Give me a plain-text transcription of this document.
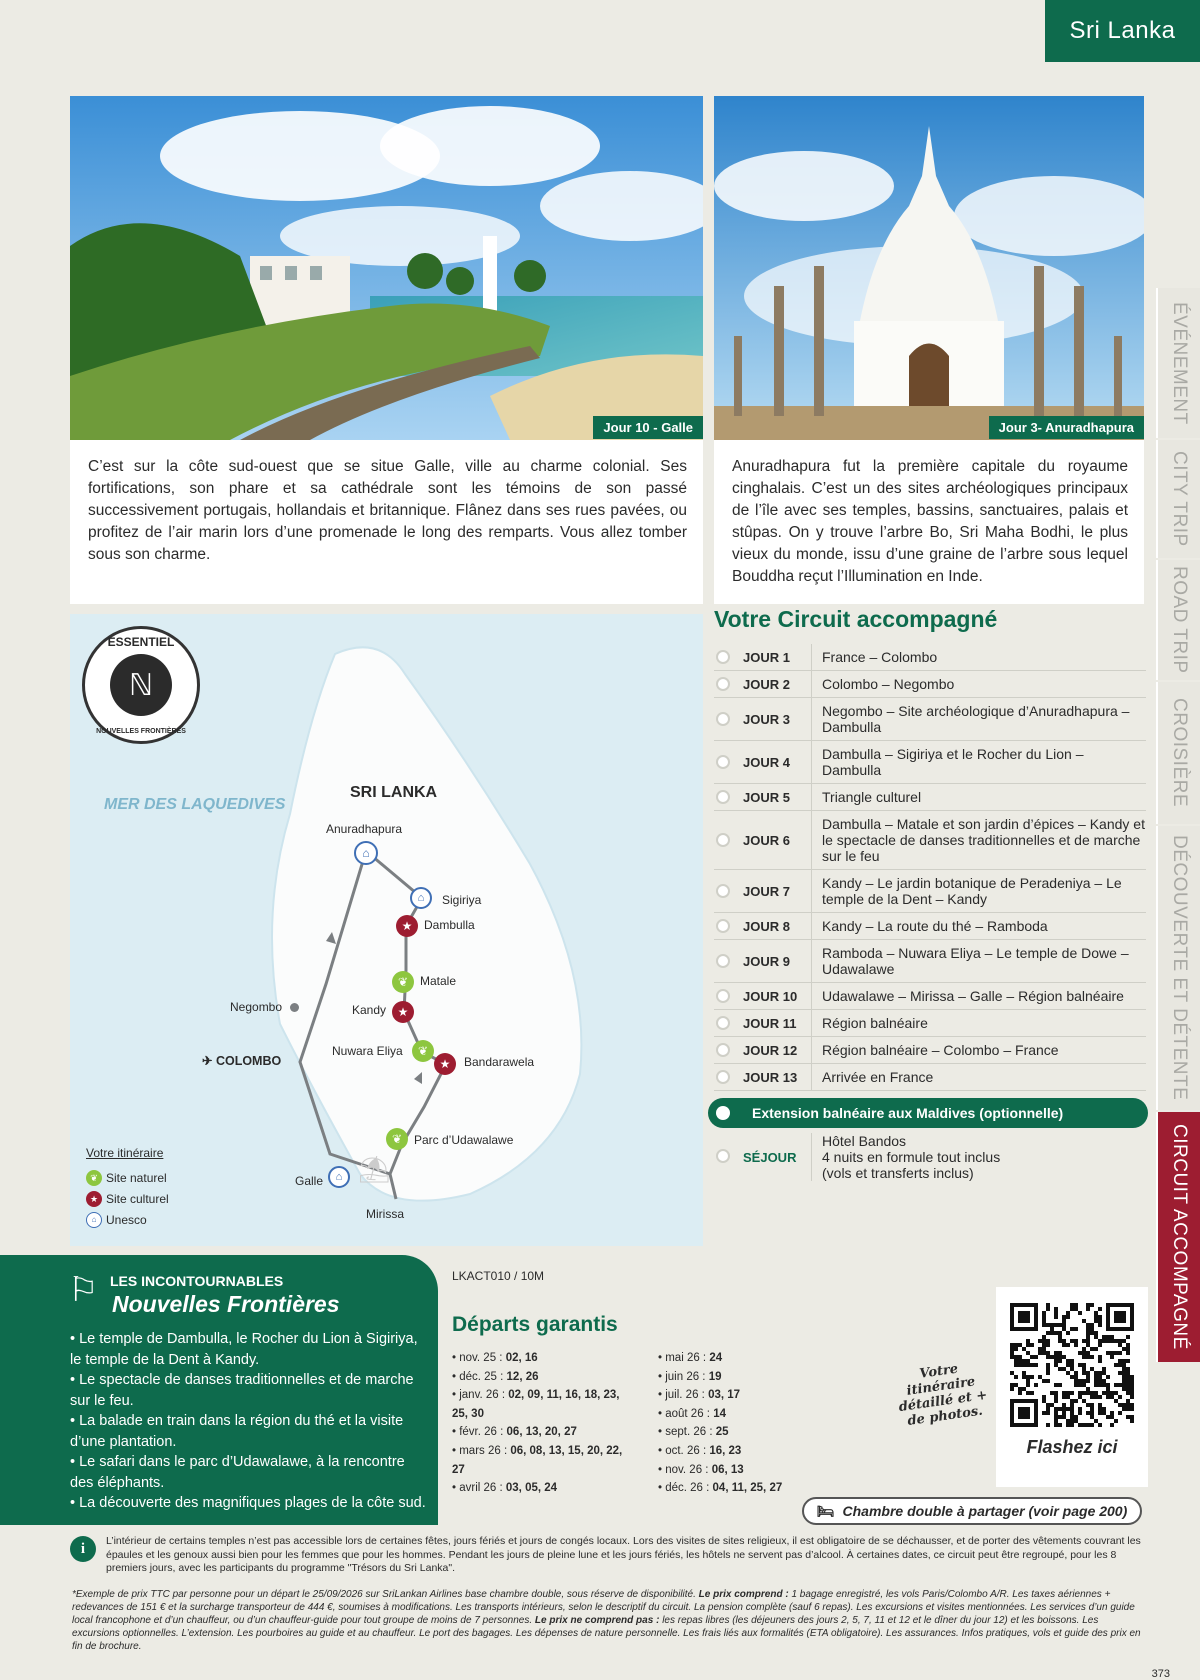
Sri Lanka
Jour 10 - Galle
C’est sur la côte sud-ouest que se situe Galle, ville au charme colonial. Ses fortifications, son phare et sa cathédrale sont les témoins de son passé successivement portugais, hollandais et britannique. Flânez dans ses rues pavées, ou profitez de l’air marin lors d’une promenade le long des remparts. Vous allez tomber sous son charme.
Jour 3- Anuradhapura
Anuradhapura fut la première capitale du royaume cinghalais. C’est un des sites archéologiques principaux de l’île avec ses temples, bassins, sanctuaires, palais et stûpas. On y trouve l’arbre Bo, Sri Maha Bodhi, le plus vieux du monde, issu d’une graine de l’arbre sous lequel Bouddha reçut l’Illumination en Inde.
ÉVÉNEMENT
CITY TRIP
ROAD TRIP
CROISIÈRE
DÉCOUVERTE ET DÉTENTE
CIRCUIT ACCOMPAGNÉ
ℕ
ESSENTIEL
NOUVELLES FRONTIÈRES
MER DES LAQUEDIVES
SRI LANKA
Anuradhapura
⌂
Sigiriya
⌂
Dambulla
★
Matale
❦
Negombo	Kandy ★
✈ COLOMBO
Nuwara Eliya	❦
★	Bandarawela
Parc d’Udawalawe
❦
Galle	⌂
Mirissa
⛱
Votre itinéraire
❦ Site naturel
★ Site culturel
⌂ Unesco
Votre Circuit accompagné
JOUR 1	France – Colombo
JOUR 2	Colombo – Negombo
JOUR 3	Negombo – Site archéologique d’Anuradhapura – Dambulla
JOUR 4	Dambulla – Sigiriya et le Rocher du Lion – Dambulla
JOUR 5	Triangle culturel
JOUR 6
Dambulla – Matale et son jardin d’épices – Kandy et le spectacle de danses traditionnelles et de marche sur le feu
JOUR 7	Kandy – Le jardin botanique de Peradeniya – Le temple de la Dent – Kandy
JOUR 8	Kandy – La route du thé – Ramboda
JOUR 9	Ramboda – Nuwara Eliya – Le temple de Dowe – Udawalawe
JOUR 10 Udawalawe – Mirissa – Galle – Région balnéaire
JOUR 11	Région balnéaire
JOUR 12 Région balnéaire – Colombo – France
JOUR 13 Arrivée en France
Extension balnéaire aux Maldives (optionnelle)
SÉJOUR
Hôtel Bandos
4 nuits en formule tout inclus
(vols et transferts inclus)
⚐ LES INCONTOURNABLES
Nouvelles Frontières
• Le temple de Dambulla, le Rocher du Lion à Sigiriya, le temple de la Dent à Kandy.
• Le spectacle de danses traditionnelles et de marche sur le feu.
• La balade en train dans la région du thé et la visite d’une plantation.
• Le safari dans le parc d’Udawalawe, à la rencontre des éléphants.
• La découverte des magnifiques plages de la côte sud.
LKACT010 / 10M
Départs garantis
• nov. 25 : 02, 16
• déc. 25 : 12, 26
• janv. 26 : 02, 09, 11, 16, 18, 23, 25, 30
• févr. 26 : 06, 13, 20, 27
• mars 26 : 06, 08, 13, 15, 20, 22, 27
• avril 26 : 03, 05, 24
• mai 26 : 24
• juin 26 : 19
• juil. 26 : 03, 17
• août 26 : 14
• sept. 26 : 25
• oct. 26 : 16, 23
• nov. 26 : 06, 13
• déc. 26 : 04, 11, 25, 27
Votre itinéraire détaillé et + de photos.
Flashez ici
🛏 Chambre double à partager (voir page 200)
i	L’intérieur de certains temples n’est pas accessible lors de certaines fêtes, jours fériés et jours de congés locaux. Lors des visites de sites religieux, il est obligatoire de se déchausser, et de porter des vêtements couvrant les épaules et les genoux aussi bien pour les femmes que pour les hommes. Pendant les jours de pleine lune et les jours fériés, les hôtels ne servent pas d’alcool. À certaines dates, ce circuit peut être regroupé, pour les 8 premiers jours, avec les participants du programme "Trésors du Sri Lanka".
*Exemple de prix TTC par personne pour un départ le 25/09/2026 sur SriLankan Airlines base chambre double, sous réserve de disponibilité. Le prix comprend : 1 bagage enregistré, les vols Paris/Colombo A/R. Les taxes aériennes + redevances de 151 € et la surcharge transporteur de 444 €, soumises à modifications. Les transports intérieurs, selon le descriptif du circuit. La pension complète (sauf 6 repas). Les excursions et visites mentionnées. Les services d’un guide local francophone et d’un chauffeur, ou d’un chauffeur-guide pour tout groupe de moins de 7 personnes. Le prix ne comprend pas : les repas libres (les déjeuners des jours 2, 5, 7, 11 et 12 et le dîner du jour 12) et les boissons. Les excursions optionnelles. L’extension. Les pourboires au guide et au chauffeur. Le port des bagages. Les dépenses de nature personnelle. Les frais liés aux formalités (ETA obligatoire). Les assurances. Infos pratiques, vols et guide des prix en fin de brochure.
373
